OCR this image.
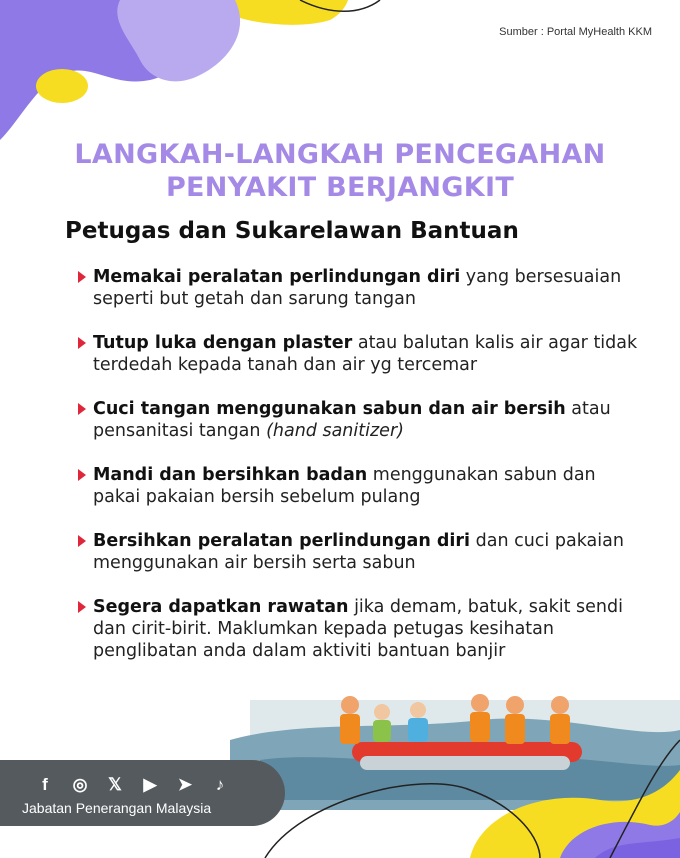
Sumber : Portal MyHealth KKM
LANGKAH-LANGKAH PENCEGAHAN
PENYAKIT BERJANGKIT
Petugas dan Sukarelawan Bantuan
Memakai peralatan perlindungan diri yang bersesuaian seperti but getah dan sarung tangan
Tutup luka dengan plaster atau balutan kalis air agar tidak terdedah kepada tanah dan air yg tercemar
Cuci tangan menggunakan sabun dan air bersih atau pensanitasi tangan (hand sanitizer)
Mandi dan bersihkan badan menggunakan sabun dan pakai pakaian bersih sebelum pulang
Bersihkan peralatan perlindungan diri dan cuci pakaian menggunakan air bersih serta sabun
Segera dapatkan rawatan jika demam, batuk, sakit sendi dan cirit-birit. Maklumkan kepada petugas kesihatan penglibatan anda dalam aktiviti bantuan banjir
f	◎ 𝕏 ▶ ➤	♪
Jabatan Penerangan Malaysia
